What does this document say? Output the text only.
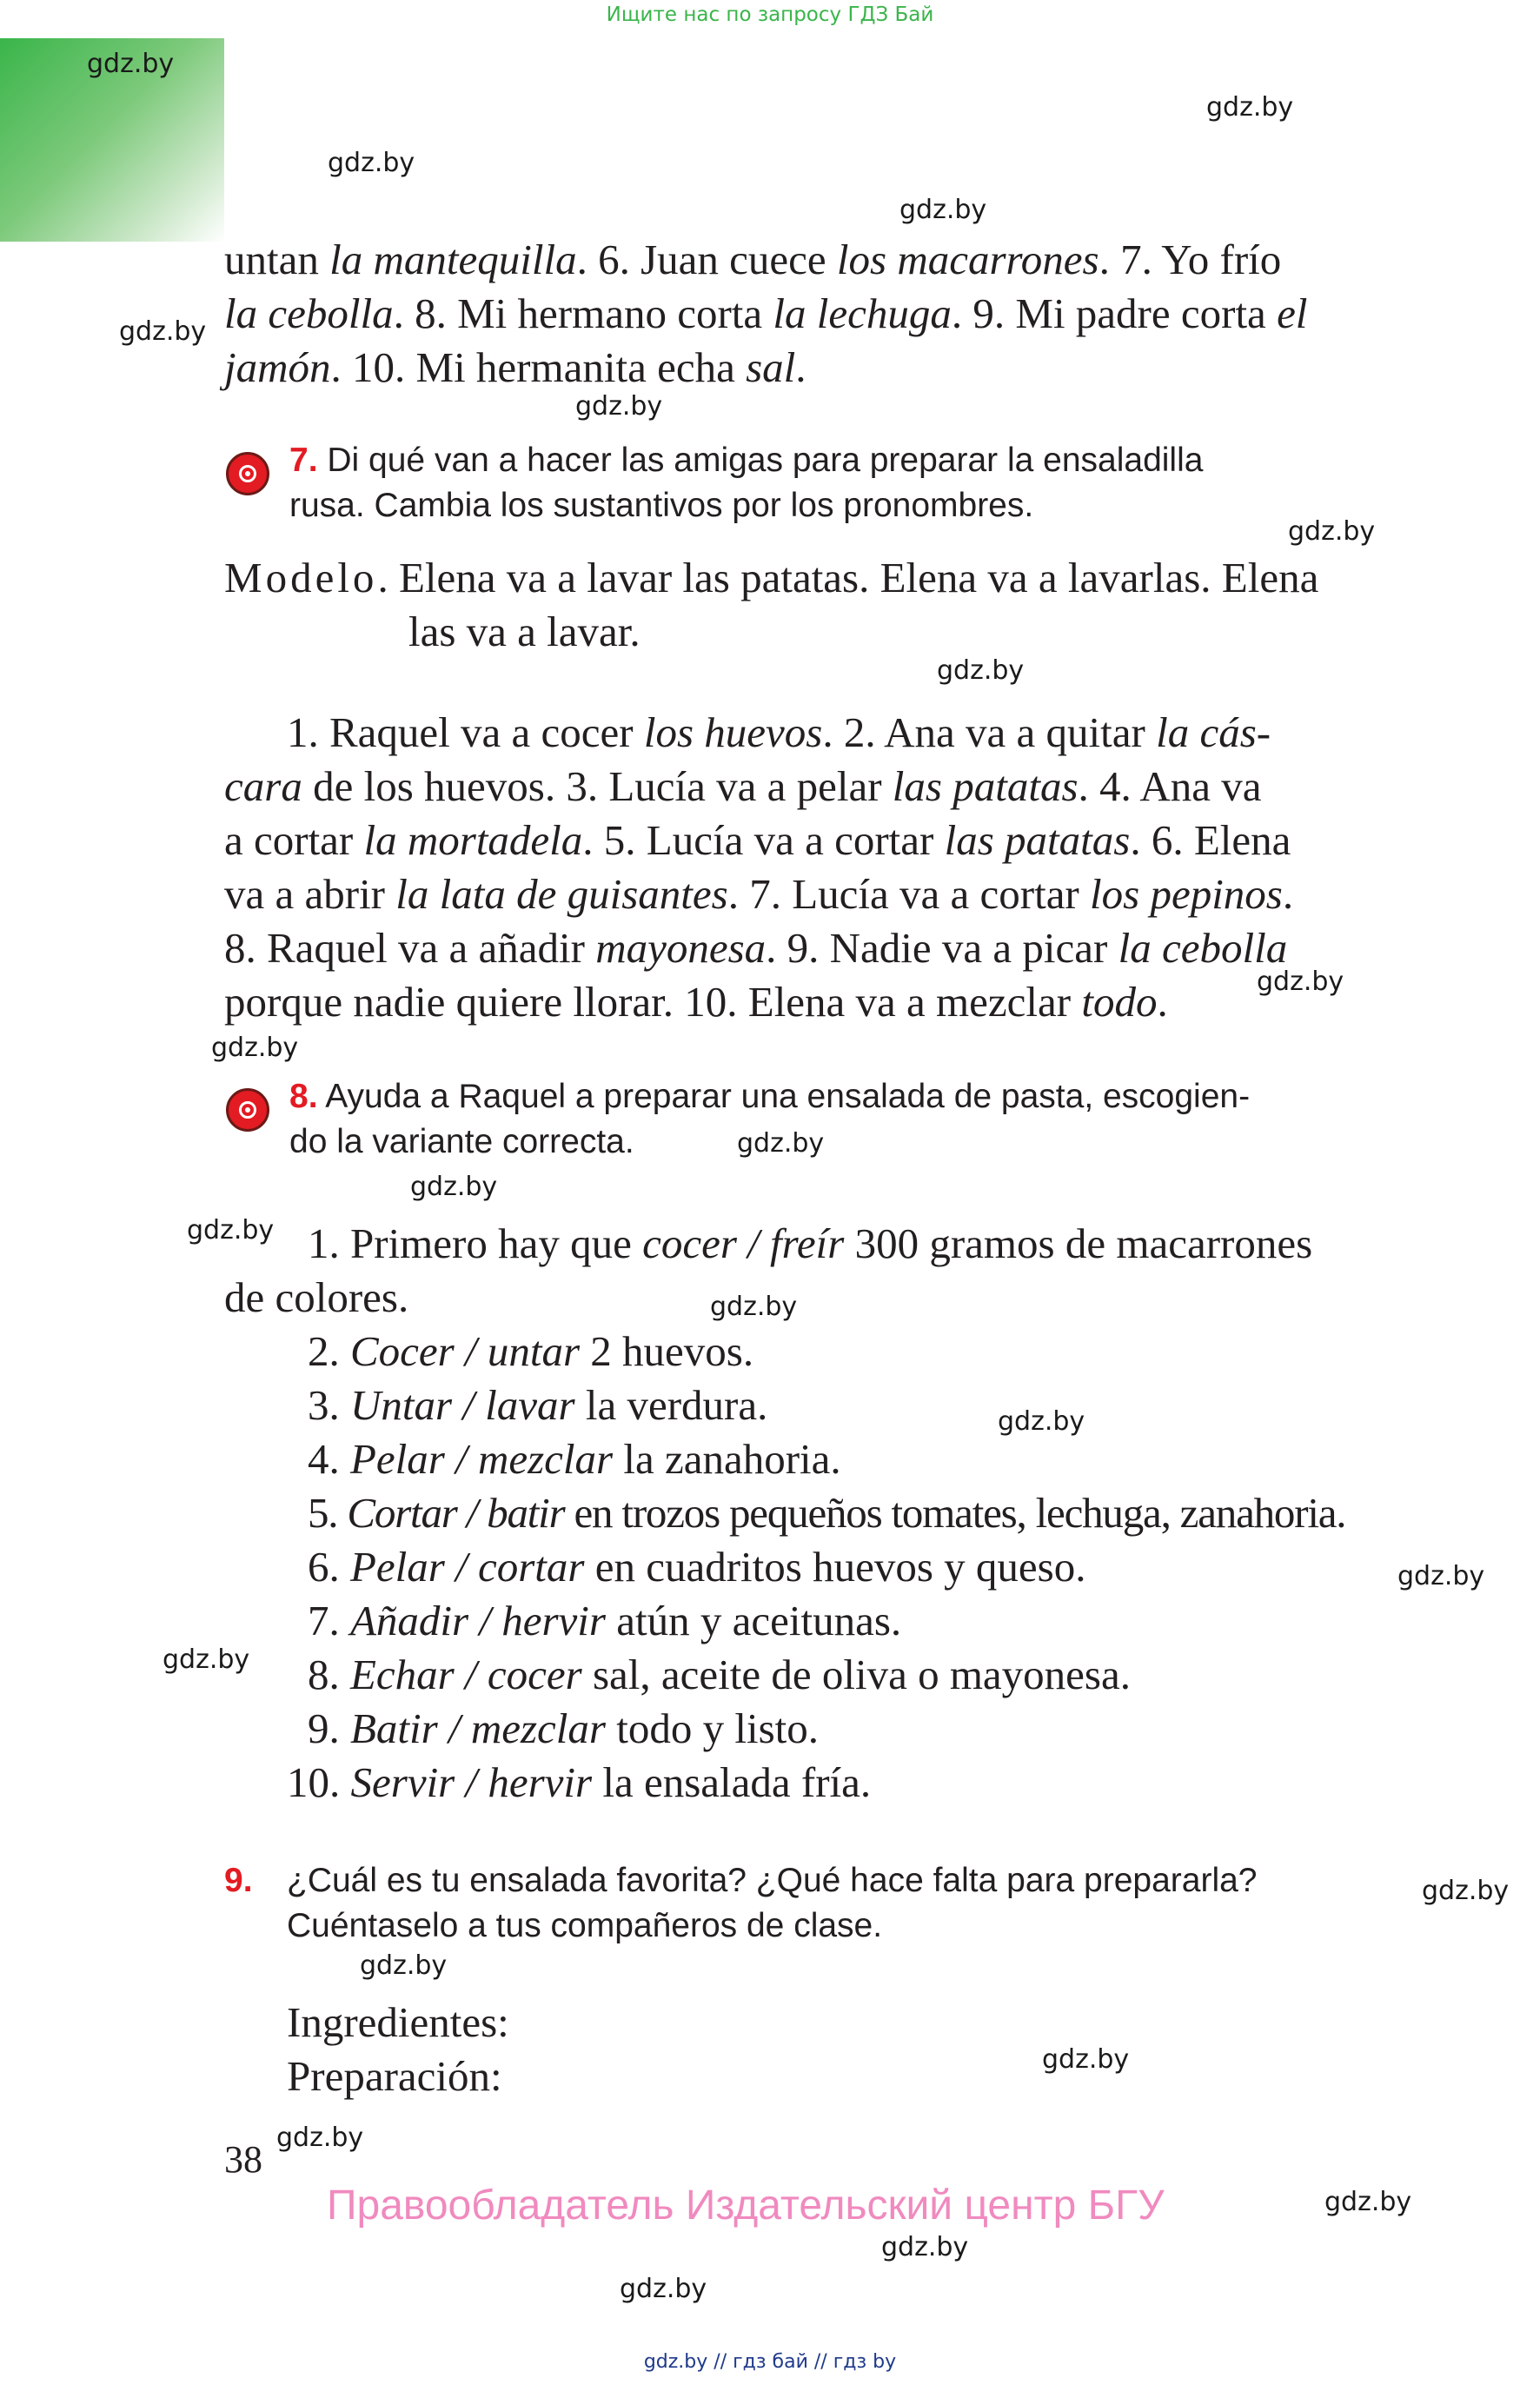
Ищите нас по запросу ГДЗ Бай
gdz.by
gdz.by
gdz.by
gdz.by
gdz.by
gdz.by
gdz.by
gdz.by
gdz.by
gdz.by
gdz.by
gdz.by
gdz.by
gdz.by
gdz.by
gdz.by
gdz.by
gdz.by
gdz.by
gdz.by
gdz.by
gdz.by
gdz.by
gdz.by
untan la mantequilla. 6. Juan cuece los macarrones. 7. Yo frío
la cebolla. 8. Mi hermano corta la lechuga. 9. Mi padre corta el
jamón. 10. Mi hermanita echa sal.
7. Di qué van a hacer las amigas para preparar la ensaladilla
rusa. Cambia los sustantivos por los pronombres.
Modelo. Elena va a lavar las patatas. Elena va a lavarlas. Elena
las va a lavar.
1. Raquel va a cocer los huevos. 2. Ana va a quitar la cás-
cara de los huevos. 3. Lucía va a pelar las patatas. 4. Ana va
a cortar la mortadela. 5. Lucía va a cortar las patatas. 6. Elena
va a abrir la lata de guisantes. 7. Lucía va a cortar los pepinos.
8. Raquel va a añadir mayonesa. 9. Nadie va a picar la cebolla
porque nadie quiere llorar. 10. Elena va a mezclar todo.
8. Ayuda a Raquel a preparar una ensalada de pasta, escogien-
do la variante correcta.
1. Primero hay que cocer / freír 300 gramos de macarrones
de colores.
2. Cocer / untar 2 huevos.
3. Untar / lavar la verdura.
4. Pelar / mezclar la zanahoria.
5. Cortar / batir en trozos pequeños tomates, lechuga, zanahoria.
6. Pelar / cortar en cuadritos huevos y queso.
7. Añadir / hervir atún y aceitunas.
8. Echar / cocer sal, aceite de oliva o mayonesa.
9. Batir / mezclar todo y listo.
10. Servir / hervir la ensalada fría.
9. ¿Cuál es tu ensalada favorita? ¿Qué hace falta para prepararla?
Cuéntaselo a tus compañeros de clase.
Ingredientes:
Preparación:
38
Правообладатель Издательский центр БГУ
gdz.by // гдз бай // гдз by
